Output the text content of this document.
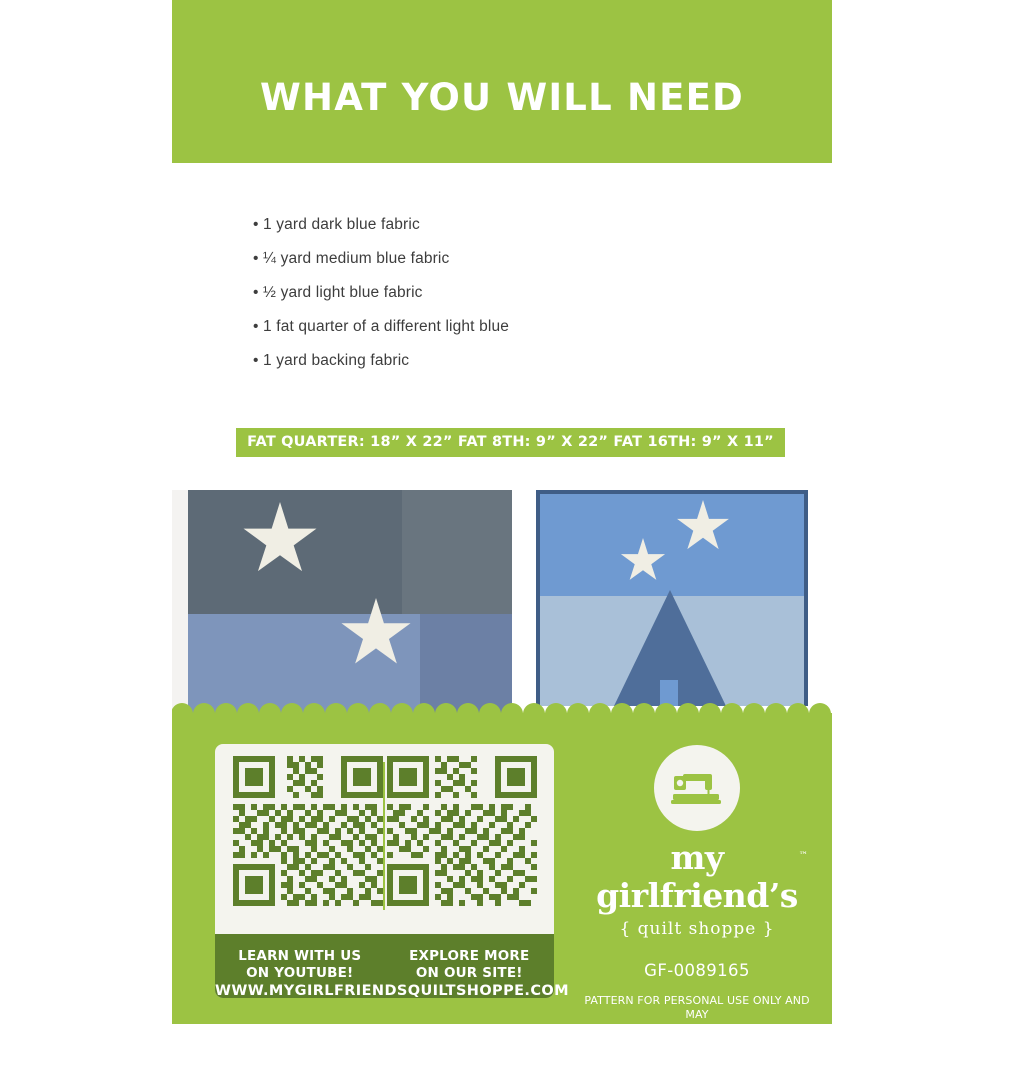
WHAT YOU WILL NEED
• 1 yard dark blue fabric
• ¼ yard medium blue fabric
• ½ yard light blue fabric
• 1 fat quarter of a different light blue
• 1 yard backing fabric
FAT QUARTER: 18” X 22” FAT 8TH: 9” X 22” FAT 16TH: 9” X 11”
LEARN WITH US
ON YOUTUBE!
EXPLORE MORE
ON OUR SITE!
WWW.MYGIRLFRIENDSQUILTSHOPPE.COM
my girlfriend’s
™
{ quilt shoppe }
GF-0089165
PATTERN FOR PERSONAL USE ONLY AND MAY
NOT BE REPRODUCED OR REDISTRIBUTED.
MY GIRLFRIEND’S QUILT SHOPPE © 2025
